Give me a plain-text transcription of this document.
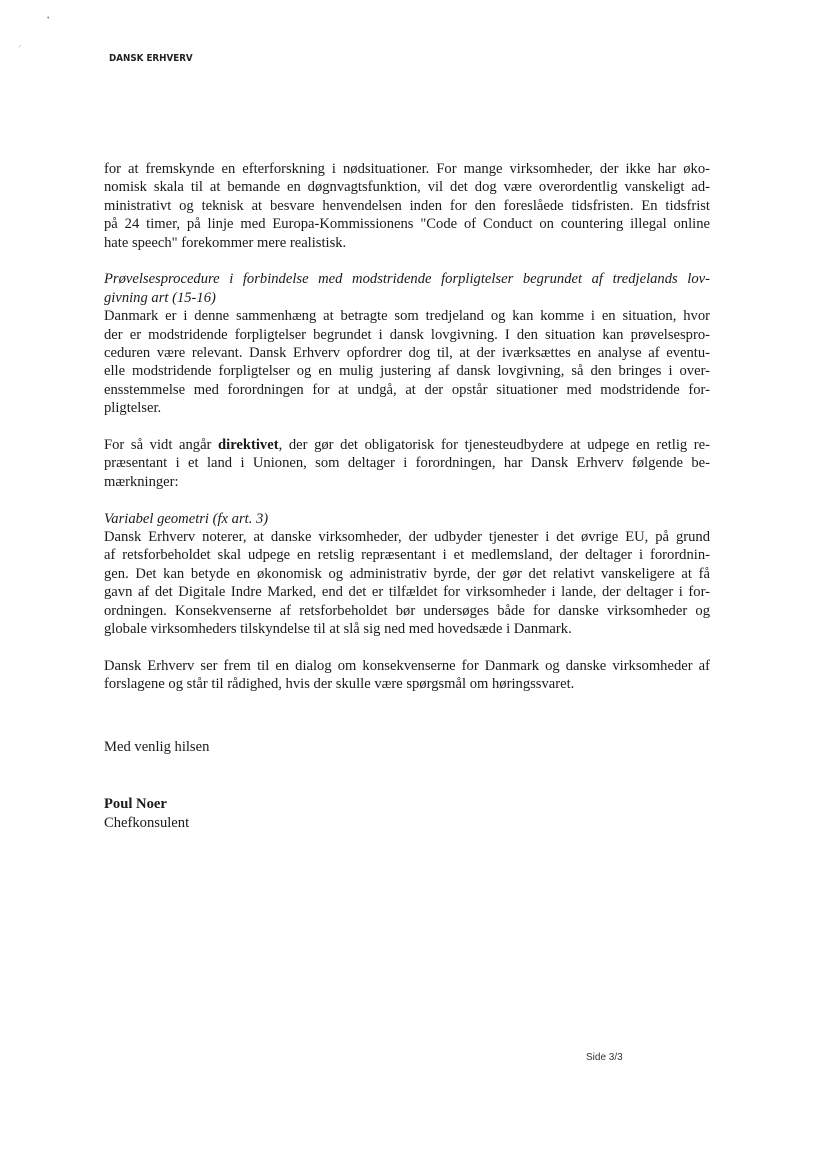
•
⸝
DANSK ERHVERV
for at fremskynde en efterforskning i nødsituationer. For mange virksomheder, der ikke har øko-
nomisk skala til at bemande en døgnvagtsfunktion, vil det dog være overordentlig vanskeligt ad-
ministrativt og teknisk at besvare henvendelsen inden for den foreslåede tidsfristen. En tidsfrist
på 24 timer, på linje med Europa-Kommissionens "Code of Conduct on countering illegal online
hate speech" forekommer mere realistisk.
Prøvelsesprocedure i forbindelse med modstridende forpligtelser begrundet af tredjelands lov-
givning art (15-16)
Danmark er i denne sammenhæng at betragte som tredjeland og kan komme i en situation, hvor
der er modstridende forpligtelser begrundet i dansk lovgivning. I den situation kan prøvelsespro-
ceduren være relevant. Dansk Erhverv opfordrer dog til, at der iværksættes en analyse af eventu-
elle modstridende forpligtelser og en mulig justering af dansk lovgivning, så den bringes i over-
ensstemmelse med forordningen for at undgå, at der opstår situationer med modstridende for-
pligtelser.
For så vidt angår direktivet, der gør det obligatorisk for tjenesteudbydere at udpege en retlig re-
præsentant i et land i Unionen, som deltager i forordningen, har Dansk Erhverv følgende be-
mærkninger:
Variabel geometri (fx art. 3)
Dansk Erhverv noterer, at danske virksomheder, der udbyder tjenester i det øvrige EU, på grund
af retsforbeholdet skal udpege en retslig repræsentant i et medlemsland, der deltager i forordnin-
gen. Det kan betyde en økonomisk og administrativ byrde, der gør det relativt vanskeligere at få
gavn af det Digitale Indre Marked, end det er tilfældet for virksomheder i lande, der deltager i for-
ordningen. Konsekvenserne af retsforbeholdet bør undersøges både for danske virksomheder og
globale virksomheders tilskyndelse til at slå sig ned med hovedsæde i Danmark.
Dansk Erhverv ser frem til en dialog om konsekvenserne for Danmark og danske virksomheder af
forslagene og står til rådighed, hvis der skulle være spørgsmål om høringssvaret.
Med venlig hilsen
Poul Noer
Chefkonsulent
Side 3/3
